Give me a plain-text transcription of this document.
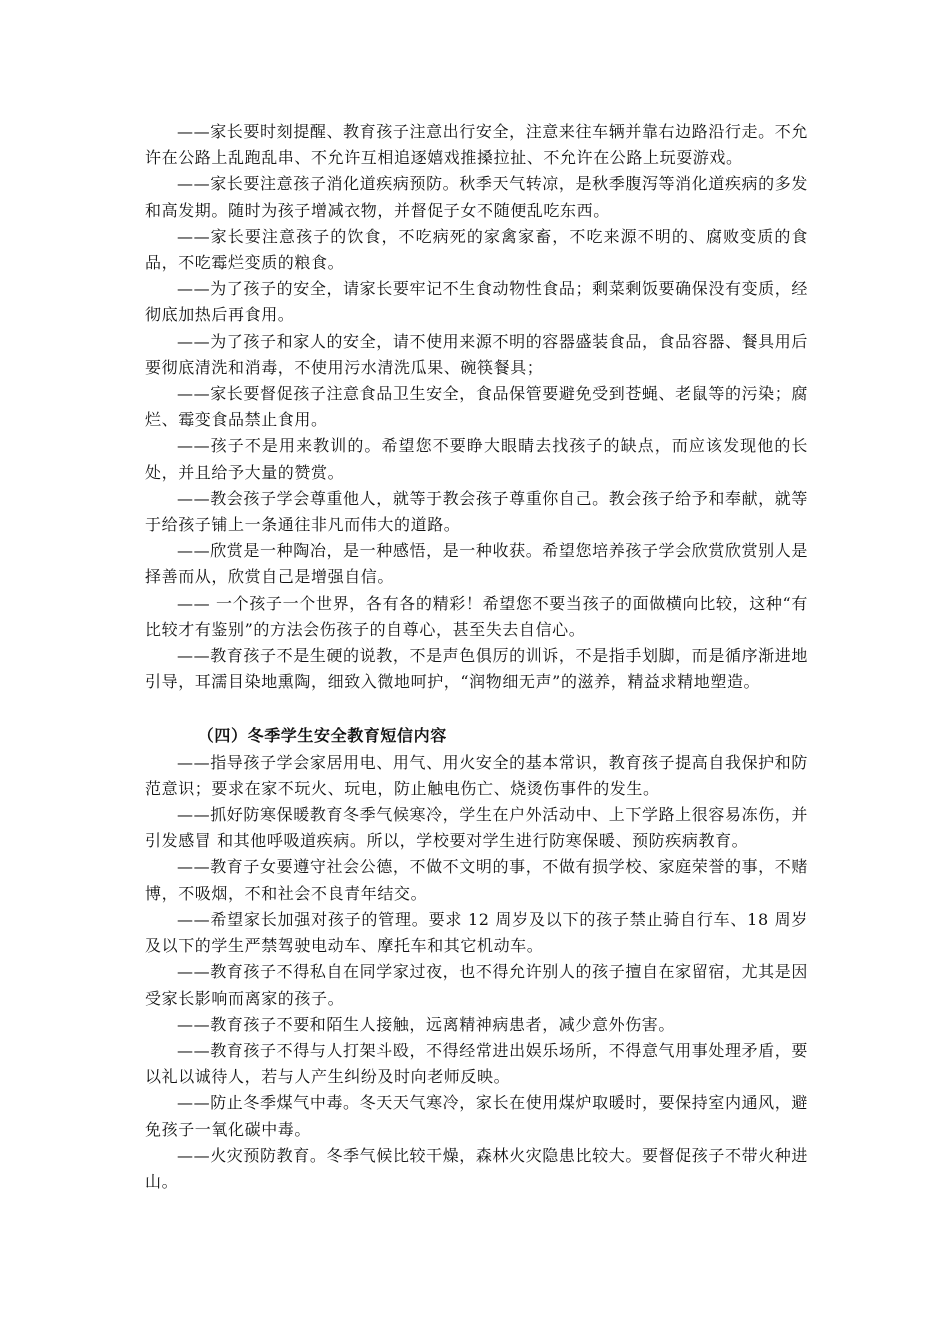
——家长要时刻提醒、教育孩子注意出行安全，注意来往车辆并靠右边路沿行走。不允许在公路上乱跑乱串、不允许互相追逐嬉戏推搡拉扯、不允许在公路上玩耍游戏。

——家长要注意孩子消化道疾病预防。秋季天气转凉，是秋季腹泻等消化道疾病的多发和高发期。随时为孩子增减衣物，并督促子女不随便乱吃东西。

——家长要注意孩子的饮食，不吃病死的家禽家畜，不吃来源不明的、腐败变质的食品，不吃霉烂变质的粮食。

——为了孩子的安全，请家长要牢记不生食动物性食品；剩菜剩饭要确保没有变质，经彻底加热后再食用。

——为了孩子和家人的安全，请不使用来源不明的容器盛装食品，食品容器、餐具用后要彻底清洗和消毒，不使用污水清洗瓜果、碗筷餐具；

——家长要督促孩子注意食品卫生安全，食品保管要避免受到苍蝇、老鼠等的污染；腐烂、霉变食品禁止食用。

——孩子不是用来教训的。希望您不要睁大眼睛去找孩子的缺点，而应该发现他的长处，并且给予大量的赞赏。

——教会孩子学会尊重他人，就等于教会孩子尊重你自己。教会孩子给予和奉献，就等于给孩子铺上一条通往非凡而伟大的道路。

——欣赏是一种陶冶，是一种感悟，是一种收获。希望您培养孩子学会欣赏欣赏别人是择善而从，欣赏自己是增强自信。

—— 一个孩子一个世界，各有各的精彩！希望您不要当孩子的面做横向比较，这种“有比较才有鉴别”的方法会伤孩子的自尊心，甚至失去自信心。

——教育孩子不是生硬的说教，不是声色俱厉的训诉，不是指手划脚，而是循序渐进地引导，耳濡目染地熏陶，细致入微地呵护，“润物细无声”的滋养，精益求精地塑造。

（四）冬季学生安全教育短信内容

——指导孩子学会家居用电、用气、用火安全的基本常识，教育孩子提高自我保护和防范意识；要求在家不玩火、玩电，防止触电伤亡、烧烫伤事件的发生。

——抓好防寒保暖教育冬季气候寒冷，学生在户外活动中、上下学路上很容易冻伤，并引发感冒 和其他呼吸道疾病。所以，学校要对学生进行防寒保暖、预防疾病教育。

——教育子女要遵守社会公德，不做不文明的事，不做有损学校、家庭荣誉的事，不赌博，不吸烟，不和社会不良青年结交。

——希望家长加强对孩子的管理。要求 12 周岁及以下的孩子禁止骑自行车、18 周岁及以下的学生严禁驾驶电动车、摩托车和其它机动车。

——教育孩子不得私自在同学家过夜，也不得允许别人的孩子擅自在家留宿，尤其是因受家长影响而离家的孩子。

——教育孩子不要和陌生人接触，远离精神病患者，减少意外伤害。

——教育孩子不得与人打架斗殴，不得经常进出娱乐场所，不得意气用事处理矛盾，要以礼以诚待人，若与人产生纠纷及时向老师反映。

——防止冬季煤气中毒。冬天天气寒冷，家长在使用煤炉取暖时，要保持室内通风，避免孩子一氧化碳中毒。

——火灾预防教育。冬季气候比较干燥，森林火灾隐患比较大。要督促孩子不带火种进山。
